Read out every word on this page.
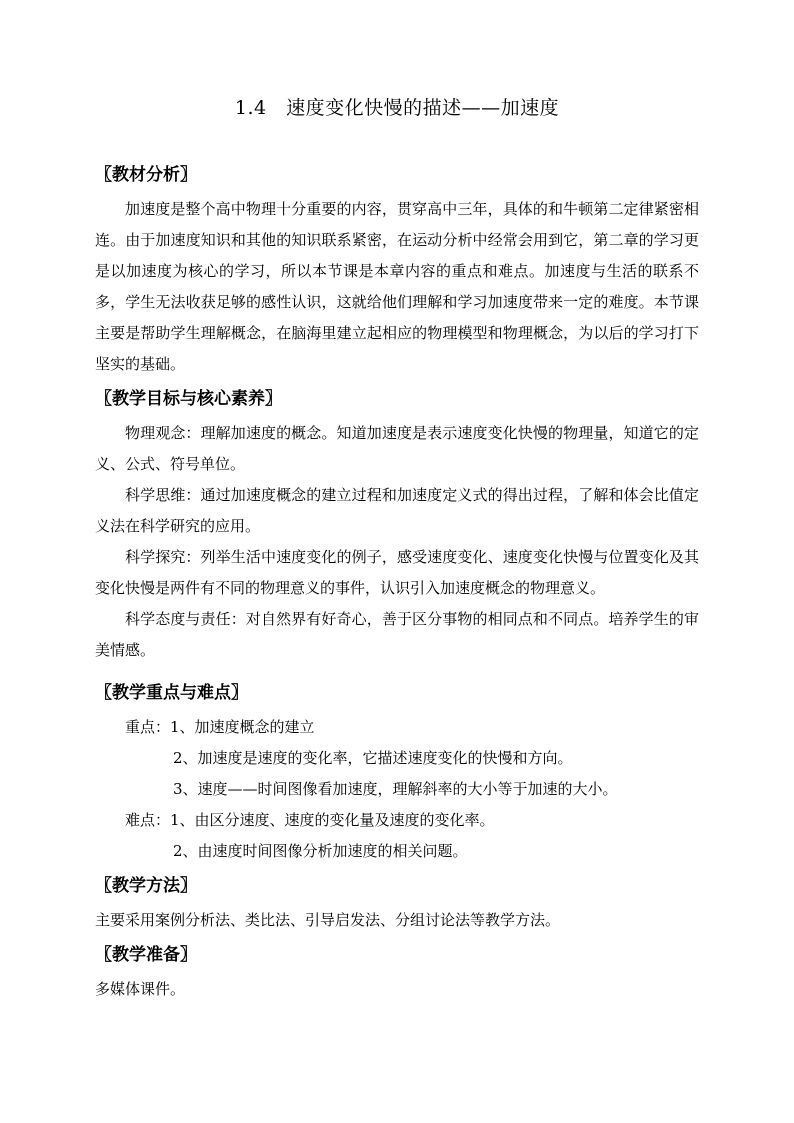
1.4　速度变化快慢的描述——加速度
〖教材分析〗

加速度是整个高中物理十分重要的内容，贯穿高中三年，具体的和牛顿第二定律紧密相连。由于加速度知识和其他的知识联系紧密，在运动分析中经常会用到它，第二章的学习更是以加速度为核心的学习，所以本节课是本章内容的重点和难点。加速度与生活的联系不多，学生无法收获足够的感性认识，这就给他们理解和学习加速度带来一定的难度。本节课主要是帮助学生理解概念，在脑海里建立起相应的物理模型和物理概念，为以后的学习打下坚实的基础。

〖教学目标与核心素养〗

物理观念：理解加速度的概念。知道加速度是表示速度变化快慢的物理量，知道它的定义、公式、符号单位。

科学思维：通过加速度概念的建立过程和加速度定义式的得出过程，了解和体会比值定义法在科学研究的应用。

科学探究：列举生活中速度变化的例子，感受速度变化、速度变化快慢与位置变化及其变化快慢是两件有不同的物理意义的事件，认识引入加速度概念的物理意义。

科学态度与责任：对自然界有好奇心，善于区分事物的相同点和不同点。培养学生的审美情感。

〖教学重点与难点〗
重点：1、加速度概念的建立
2、加速度是速度的变化率，它描述速度变化的快慢和方向。
3、速度——时间图像看加速度，理解斜率的大小等于加速的大小。
难点：1、由区分速度、速度的变化量及速度的变化率。
2、由速度时间图像分析加速度的相关问题。
〖教学方法〗

主要采用案例分析法、类比法、引导启发法、分组讨论法等教学方法。

〖教学准备〗

多媒体课件。
